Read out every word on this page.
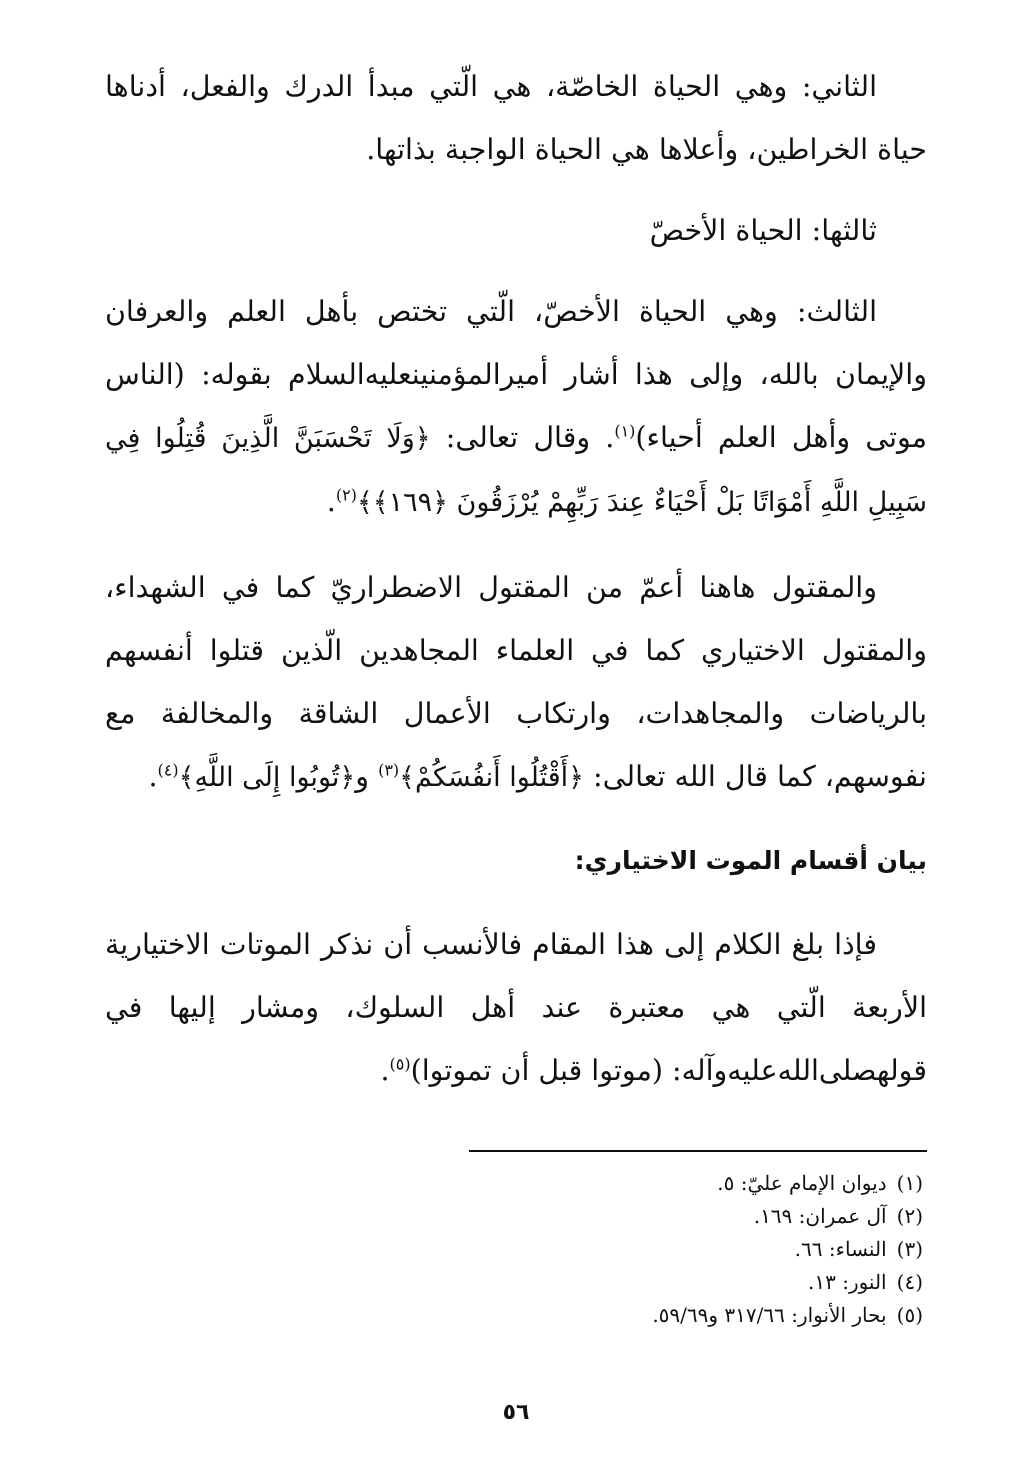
الثاني: وهي الحياة الخاصّة، هي الّتي مبدأ الدرك والفعل، أدناها حياة الخراطين، وأعلاها هي الحياة الواجبة بذاتها.

ثالثها: الحياة الأخصّ

الثالث: وهي الحياة الأخصّ، الّتي تختص بأهل العلم والعرفان والإيمان بالله، وإلى هذا أشار أميرالمؤمنينعليه‌السلام بقوله: (الناس موتى وأهل العلم أحياء)$^{(١)}$. وقال تعالى: ﴿وَلَا تَحْسَبَنَّ الَّذِينَ قُتِلُوا فِي سَبِيلِ اللَّهِ أَمْوَاتًا بَلْ أَحْيَاءٌ عِندَ رَبِّهِمْ يُرْزَقُونَ ﴿١٦٩﴾﴾$^{(٢)}$.

والمقتول هاهنا أعمّ من المقتول الاضطراريّ كما في الشهداء، والمقتول الاختياري كما في العلماء المجاهدين الّذين قتلوا أنفسهم بالرياضات والمجاهدات، وارتكاب الأعمال الشاقة والمخالفة مع نفوسهم، كما قال الله تعالى: ﴿أَقْتُلُوا أَنفُسَكُمْ﴾$^{(٣)}$ و﴿تُوبُوا إِلَى اللَّهِ﴾$^{(٤)}$.

بيان أقسام الموت الاختياري:

فإذا بلغ الكلام إلى هذا المقام فالأنسب أن نذكر الموتات الاختيارية الأربعة الّتي هي معتبرة عند أهل السلوك، ومشار إليها في قولهصلى‌الله‌عليه‌وآله: (موتوا قبل أن تموتوا)$^{(٥)}$.

(١)ديوان الإمام عليّ: ٥.
(٢)آل عمران: ١٦٩.
(٣)النساء: ٦٦.
(٤)النور: ١٣.
(٥)بحار الأنوار: ٣١٧/٦٦ و٥٩/٦٩.
٥٦
